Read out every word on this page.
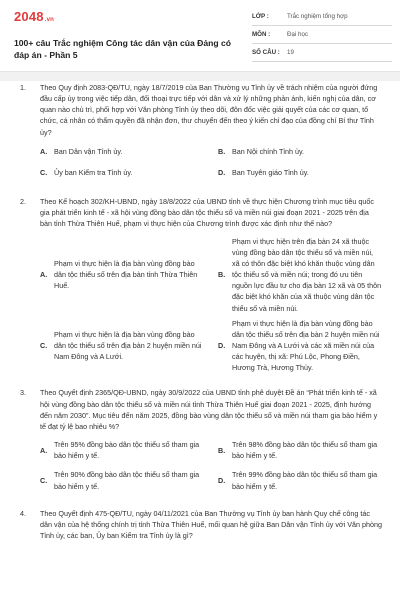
2048.vn
100+ câu Trắc nghiệm Công tác dân vận của Đảng có đáp án - Phần 5
LỚP :	Trắc nghiệm tổng hợp
MÔN :	Đại học
SỐ CÂU :	19
1. Theo Quy định 2083-QĐ/TU, ngày 18/7/2019 của Ban Thường vụ Tỉnh ủy về trách nhiệm của người đứng đầu cấp ủy trong việc tiếp dân, đối thoại trực tiếp với dân và xử lý những phản ánh, kiến nghị của dân, cơ quan nào chủ trì, phối hợp với Văn phòng Tỉnh ủy theo dõi, đôn đốc việc giải quyết của các cơ quan, tổ chức, cá nhân có thẩm quyền đã nhận đơn, thư chuyển đến theo ý kiến chỉ đạo của đồng chí Bí thư Tỉnh ủy?
A. Ban Dân vận Tỉnh ủy.	B. Ban Nội chính Tỉnh ủy.
C. Ủy ban Kiểm tra Tỉnh ủy.	D. Ban Tuyên giáo Tỉnh ủy.
2. Theo Kế hoạch 302/KH-UBND, ngày 18/8/2022 của UBND tỉnh về thực hiện Chương trình mục tiêu quốc gia phát triển kinh tế - xã hội vùng đồng bào dân tộc thiểu số và miền núi giai đoạn 2021 - 2025 trên địa bàn tỉnh Thừa Thiên Huế, phạm vi thực hiện của Chương trình được xác định như thế nào?
A.
Phạm vi thực hiện là địa bàn vùng đồng bào dân tộc thiểu số trên địa bàn tỉnh Thừa Thiên Huế.
B.
Phạm vi thực hiện trên địa bàn 24 xã thuộc vùng đồng bào dân tộc thiểu số và miền núi, xã có thôn đặc biệt khó khăn thuộc vùng dân tộc thiểu số và miền núi; trong đó ưu tiên nguồn lực đầu tư cho địa bàn 12 xã và 05 thôn đặc biệt khó khăn của xã thuộc vùng dân tộc thiểu số và miền núi.
C.
Phạm vi thực hiện là địa bàn vùng đồng bào dân tộc thiểu số trên địa bàn 2 huyện miền núi Nam Đông và A Lưới.
D.
Phạm vi thực hiện là địa bàn vùng đồng bào dân tộc thiểu số trên địa bàn 2 huyện miền núi Nam Đông và A Lưới và các xã miền núi của các huyện, thị xã: Phú Lộc, Phong Điền, Hương Trà, Hương Thủy.
3. Theo Quyết định 2365/QĐ-UBND, ngày 30/9/2022 của UBND tỉnh phê duyệt Đề án “Phát triển kinh tế - xã hội vùng đồng bào dân tộc thiểu số và miền núi tỉnh Thừa Thiên Huế giai đoạn 2021 - 2025, định hướng đến năm 2030”. Mục tiêu đến năm 2025, đồng bào vùng dân tộc thiểu số và miền núi tham gia bảo hiểm y tế đạt tỷ lệ bao nhiêu %?
A.
Trên 95% đồng bào dân tộc thiểu số tham gia bảo hiểm y tế.
B.
Trên 98% đồng bào dân tộc thiểu số tham gia bảo hiểm y tế.
C.
Trên 90% đồng bào dân tộc thiểu số tham gia bảo hiểm y tế.
D.
Trên 99% đồng bào dân tộc thiểu số tham gia bảo hiểm y tế.
4. Theo Quyết định 475-QĐ/TU, ngày 04/11/2021 của Ban Thường vụ Tỉnh ủy ban hành Quy chế công tác dân vận của hệ thống chính trị tỉnh Thừa Thiên Huế, mối quan hệ giữa Ban Dân vận Tỉnh ủy với Văn phòng Tỉnh ủy, các ban, Ủy ban Kiểm tra Tỉnh ủy là gì?
